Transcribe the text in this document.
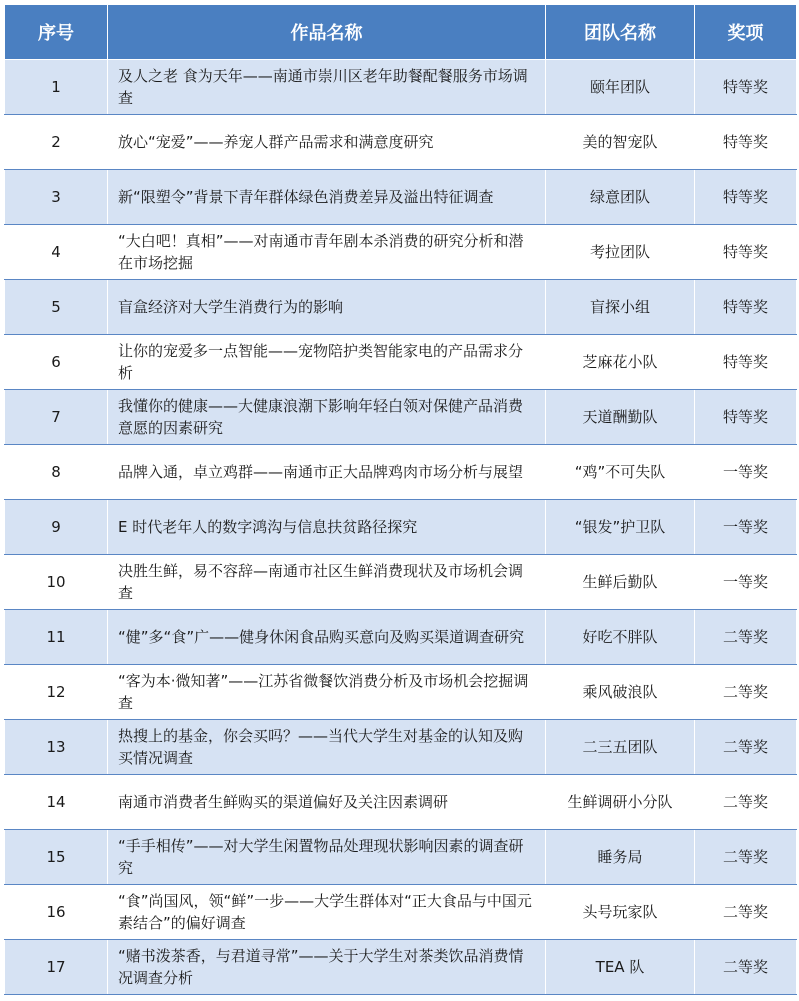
序号	作品名称	团队名称	奖项
1	及人之老 食为天年——南通市崇川区老年助餐配餐服务市场调查	颐年团队	特等奖
2	放心“宠爱”——养宠人群产品需求和满意度研究	美的智宠队	特等奖
3	新“限塑令”背景下青年群体绿色消费差异及溢出特征调查	绿意团队	特等奖
4	“大白吧！真相”——对南通市青年剧本杀消费的研究分析和潜在市场挖掘	考拉团队	特等奖
5	盲盒经济对大学生消费行为的影响	盲探小组	特等奖
6	让你的宠爱多一点智能——宠物陪护类智能家电的产品需求分析	芝麻花小队	特等奖
7	我懂你的健康——大健康浪潮下影响年轻白领对保健产品消费意愿的因素研究	天道酬勤队	特等奖
8	品牌入通，卓立鸡群——南通市正大品牌鸡肉市场分析与展望	“鸡”不可失队	一等奖
9	E 时代老年人的数字鸿沟与信息扶贫路径探究	“银发”护卫队	一等奖
10	决胜生鲜，易不容辞—南通市社区生鲜消费现状及市场机会调查	生鲜后勤队	一等奖
11	“健”多“食”广——健身休闲食品购买意向及购买渠道调查研究	好吃不胖队	二等奖
12	“客为本·微知著”——江苏省微餐饮消费分析及市场机会挖掘调查	乘风破浪队	二等奖
13	热搜上的基金，你会买吗？——当代大学生对基金的认知及购买情况调查	二三五团队	二等奖
14	南通市消费者生鲜购买的渠道偏好及关注因素调研	生鲜调研小分队	二等奖
15	“手手相传”——对大学生闲置物品处理现状影响因素的调查研究	睡务局	二等奖
16	“食”尚国风，领“鲜”一步——大学生群体对“正大食品与中国元素结合”的偏好调查	头号玩家队	二等奖
17	“赌书泼茶香，与君道寻常”——关于大学生对茶类饮品消费情况调查分析	TEA 队	二等奖
